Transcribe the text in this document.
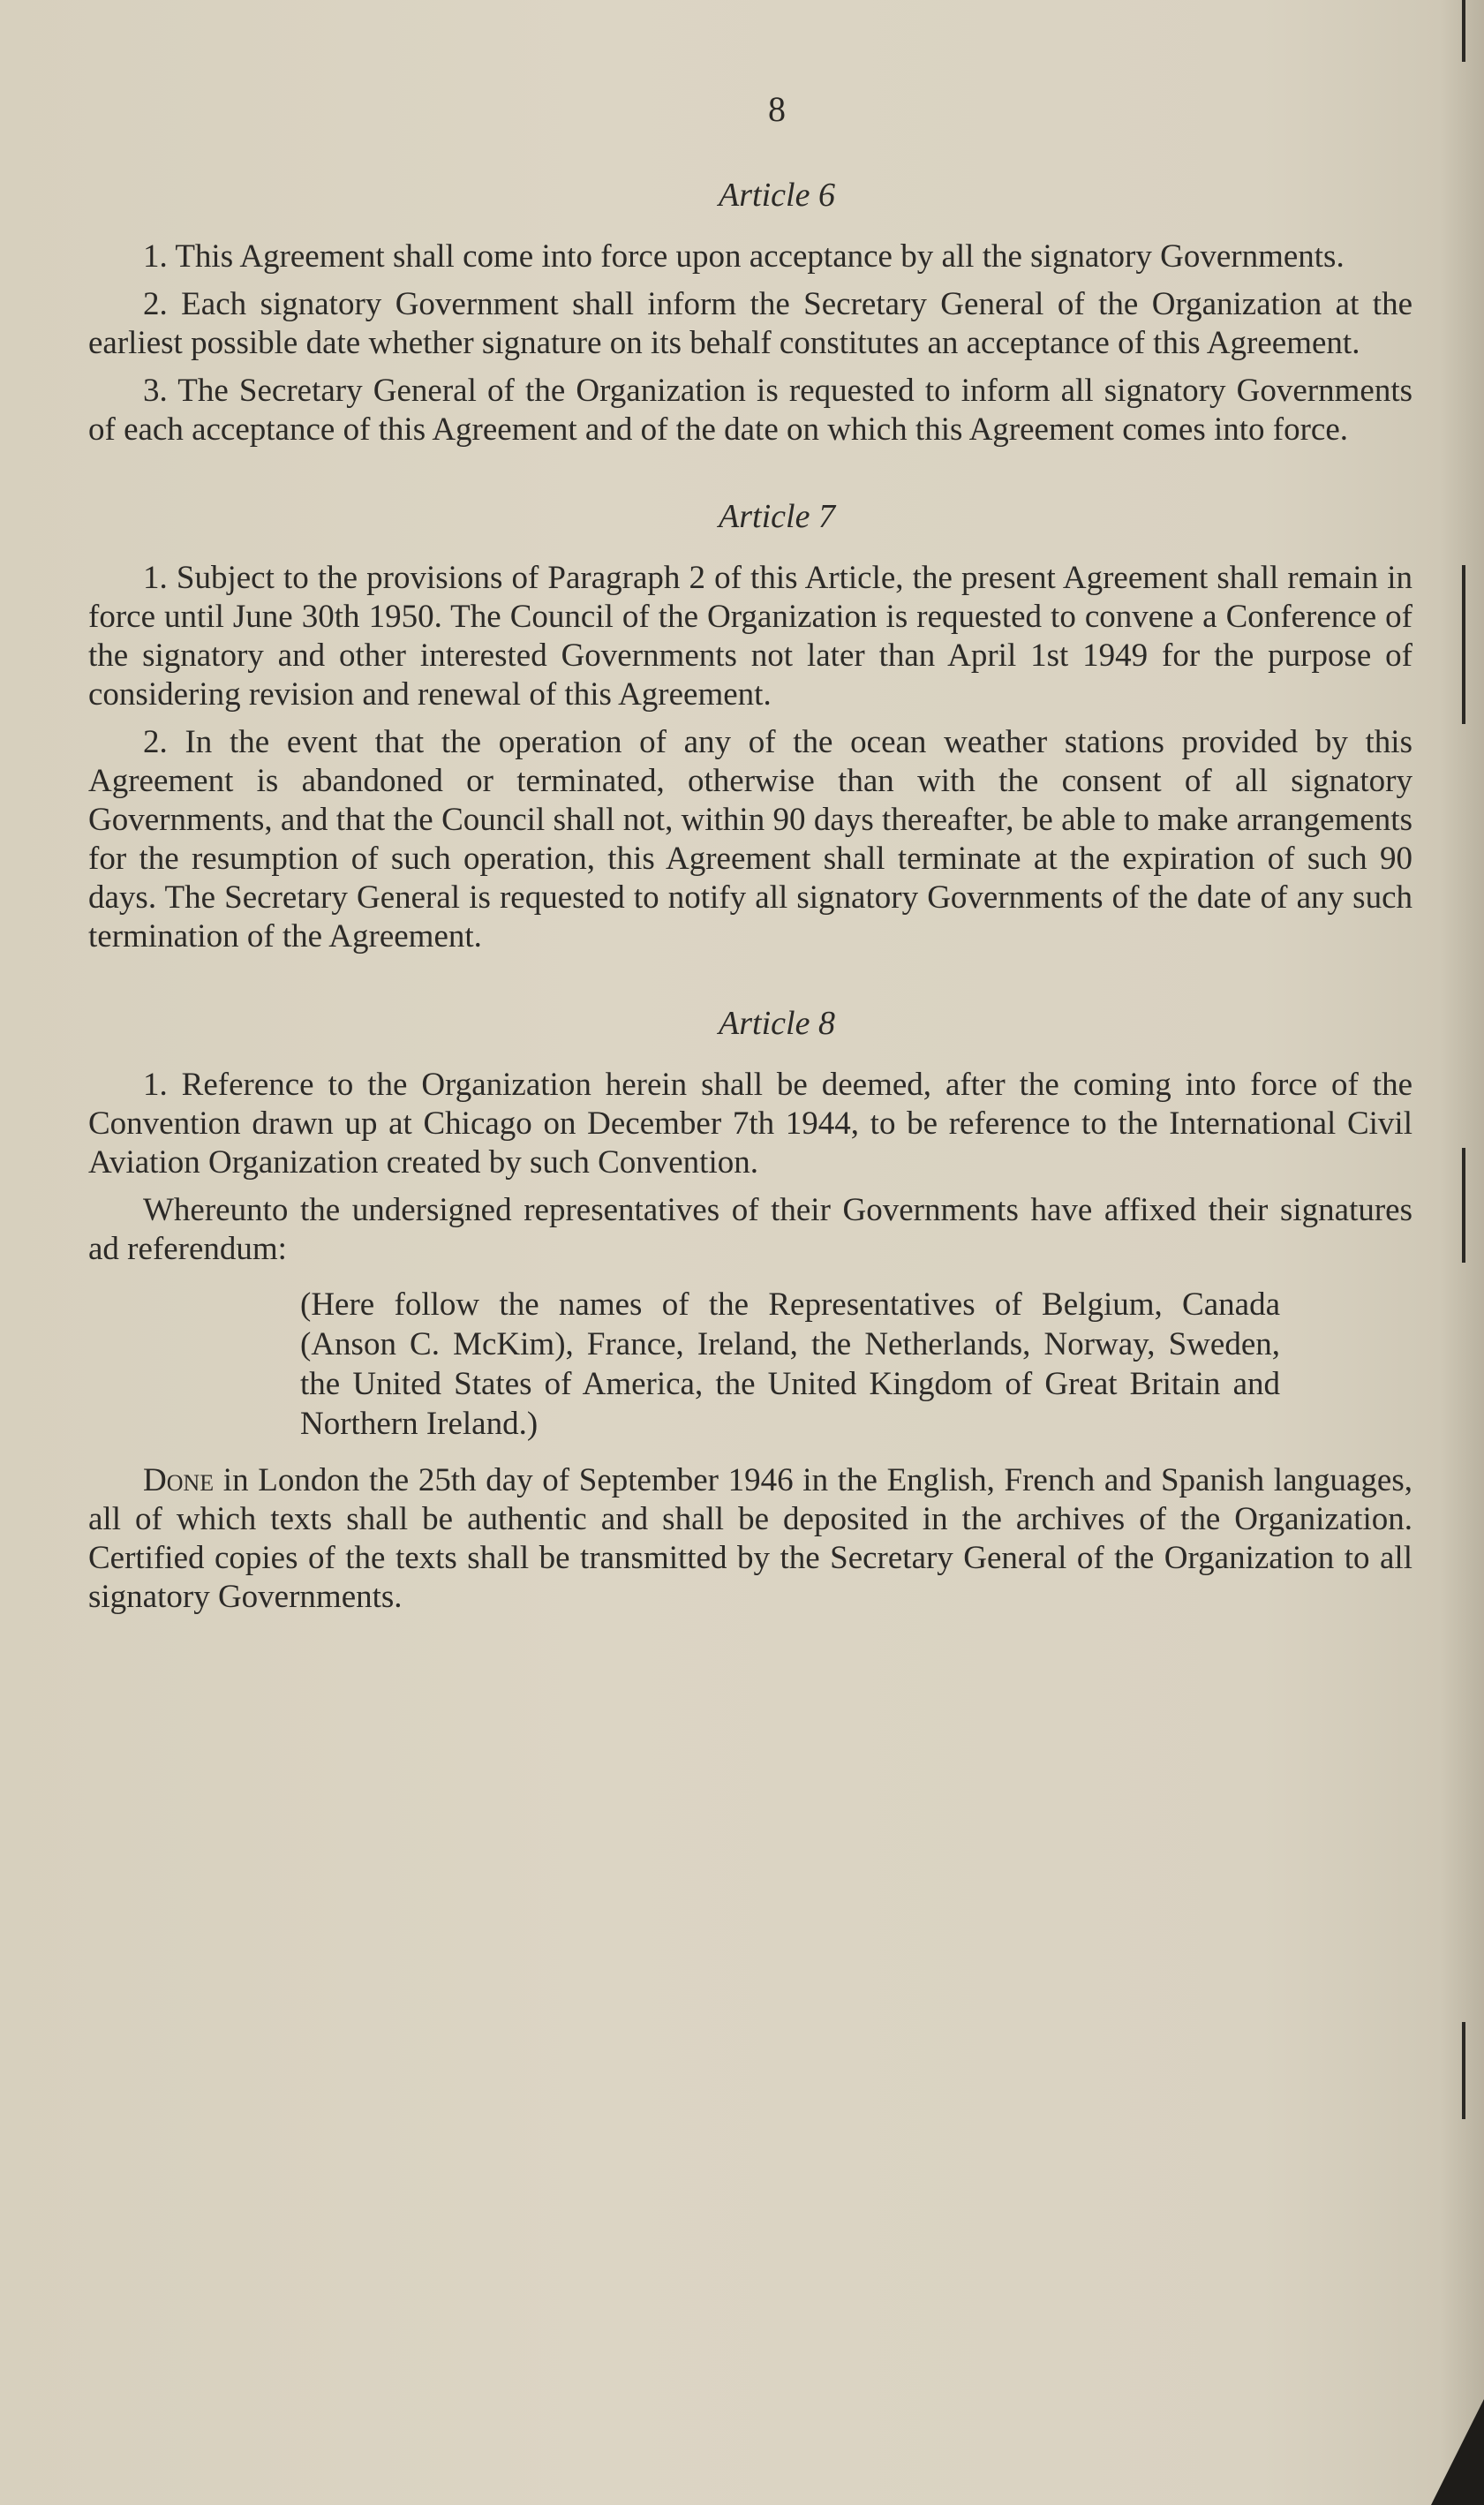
8
Article 6

1. This Agreement shall come into force upon acceptance by all the signatory Governments.

2. Each signatory Government shall inform the Secretary General of the Organization at the earliest possible date whether signature on its behalf constitutes an acceptance of this Agreement.

3. The Secretary General of the Organization is requested to inform all signatory Governments of each acceptance of this Agreement and of the date on which this Agreement comes into force.

Article 7

1. Subject to the provisions of Paragraph 2 of this Article, the present Agreement shall remain in force until June 30th 1950. The Council of the Organization is requested to convene a Conference of the signatory and other interested Governments not later than April 1st 1949 for the purpose of considering revision and renewal of this Agreement.

2. In the event that the operation of any of the ocean weather stations provided by this Agreement is abandoned or terminated, otherwise than with the consent of all signatory Governments, and that the Council shall not, within 90 days thereafter, be able to make arrangements for the resumption of such operation, this Agreement shall terminate at the expiration of such 90 days. The Secretary General is requested to notify all signatory Governments of the date of any such termination of the Agreement.

Article 8

1. Reference to the Organization herein shall be deemed, after the coming into force of the Convention drawn up at Chicago on December 7th 1944, to be reference to the International Civil Aviation Organization created by such Convention.

Whereunto the undersigned representatives of their Governments have affixed their signatures ad referendum:

(Here follow the names of the Representatives of Belgium, Canada (Anson C. McKim), France, Ireland, the Netherlands, Norway, Sweden, the United States of America, the United Kingdom of Great Britain and Northern Ireland.)

Done in London the 25th day of September 1946 in the English, French and Spanish languages, all of which texts shall be authentic and shall be deposited in the archives of the Organization. Certified copies of the texts shall be transmitted by the Secretary General of the Organization to all signatory Governments.
